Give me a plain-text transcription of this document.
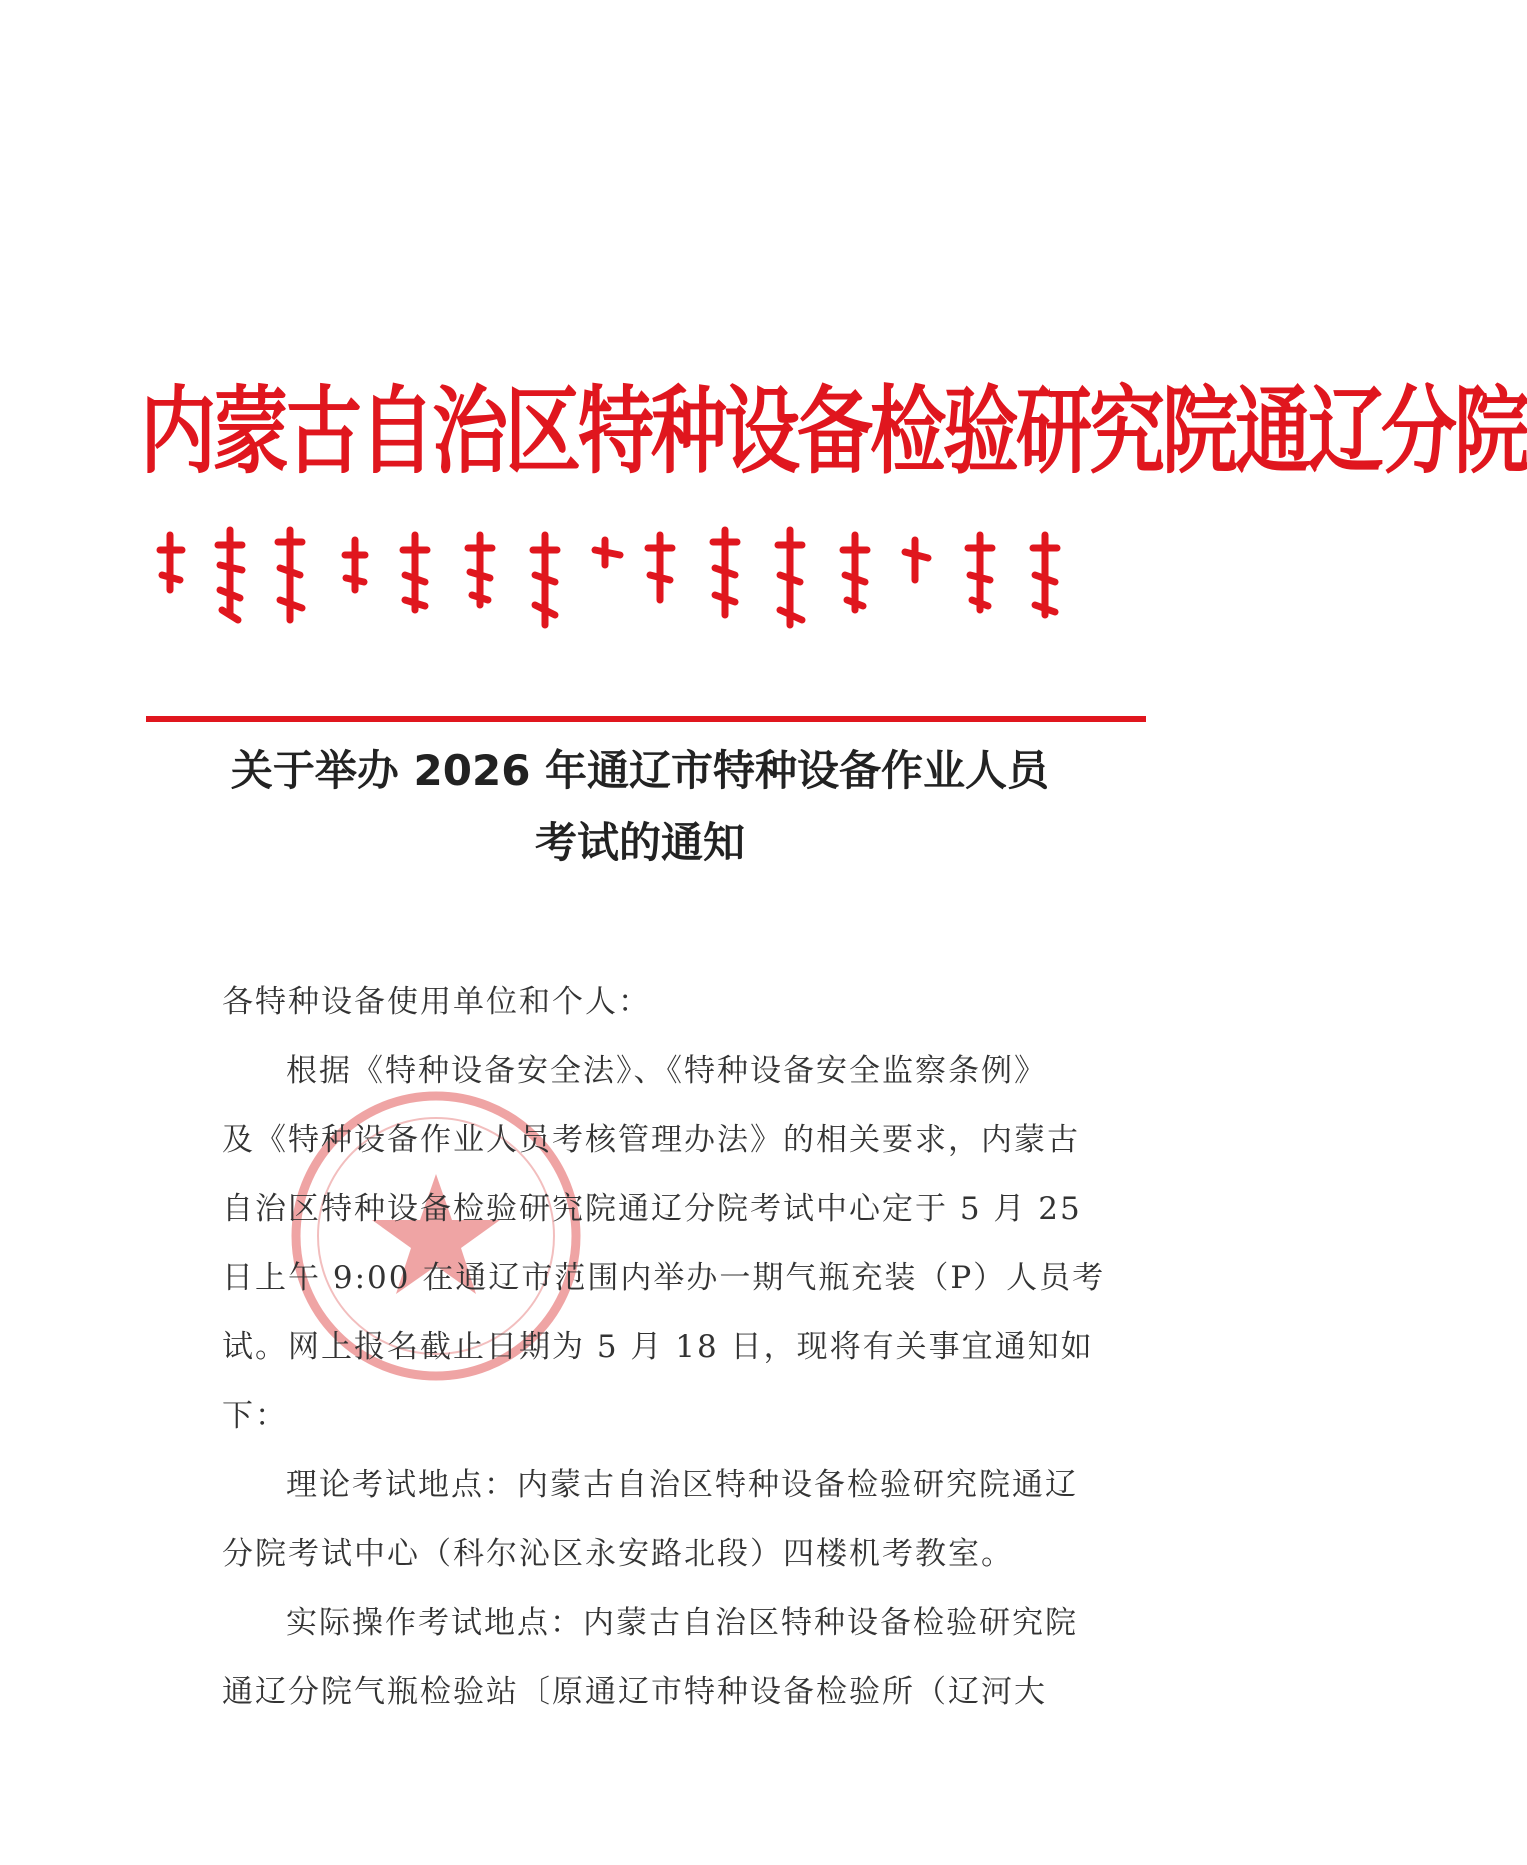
内蒙古自治区特种设备检验研究院通辽分院
关于举办 2026 年通辽市特种设备作业人员
考试的通知
各特种设备使用单位和个人：
根据《特种设备安全法》、《特种设备安全监察条例》
及《特种设备作业人员考核管理办法》的相关要求，内蒙古
自治区特种设备检验研究院通辽分院考试中心定于 5 月 25
日上午 9:00 在通辽市范围内举办一期气瓶充装（P）人员考
试。网上报名截止日期为 5 月 18 日，现将有关事宜通知如
下：
理论考试地点：内蒙古自治区特种设备检验研究院通辽
分院考试中心（科尔沁区永安路北段）四楼机考教室。
实际操作考试地点：内蒙古自治区特种设备检验研究院
通辽分院气瓶检验站〔原通辽市特种设备检验所（辽河大
